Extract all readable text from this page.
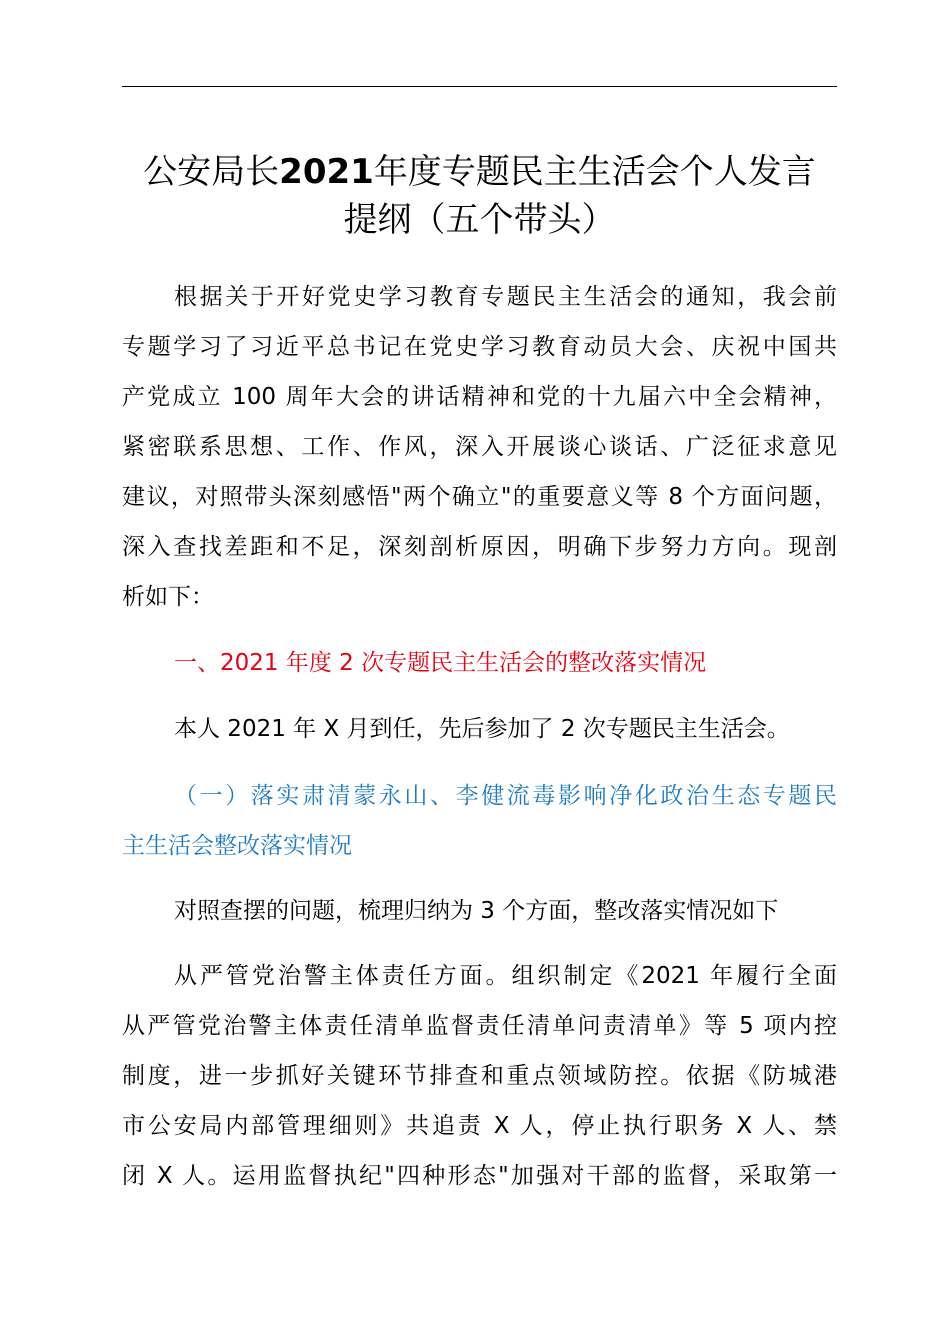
公安局长2021年度专题民主生活会个人发言
提纲（五个带头）
根据关于开好党史学习教育专题民主生活会的通知，我会前
专题学习了习近平总书记在党史学习教育动员大会、庆祝中国共
产党成立 100 周年大会的讲话精神和党的十九届六中全会精神，
紧密联系思想、工作、作风，深入开展谈心谈话、广泛征求意见
建议，对照带头深刻感悟"两个确立"的重要意义等 8 个方面问题，
深入查找差距和不足，深刻剖析原因，明确下步努力方向。现剖
析如下：
一、2021 年度 2 次专题民主生活会的整改落实情况
本人 2021 年 X 月到任，先后参加了 2 次专题民主生活会。
（一）落实肃清蒙永山、李健流毒影响净化政治生态专题民
主生活会整改落实情况
对照查摆的问题，梳理归纳为 3 个方面，整改落实情况如下
从严管党治警主体责任方面。组织制定《2021 年履行全面
从严管党治警主体责任清单监督责任清单问责清单》等 5 项内控
制度，进一步抓好关键环节排查和重点领域防控。依据《防城港
市公安局内部管理细则》共追责 X 人，停止执行职务 X 人、禁
闭 X 人。运用监督执纪"四种形态"加强对干部的监督，采取第一
